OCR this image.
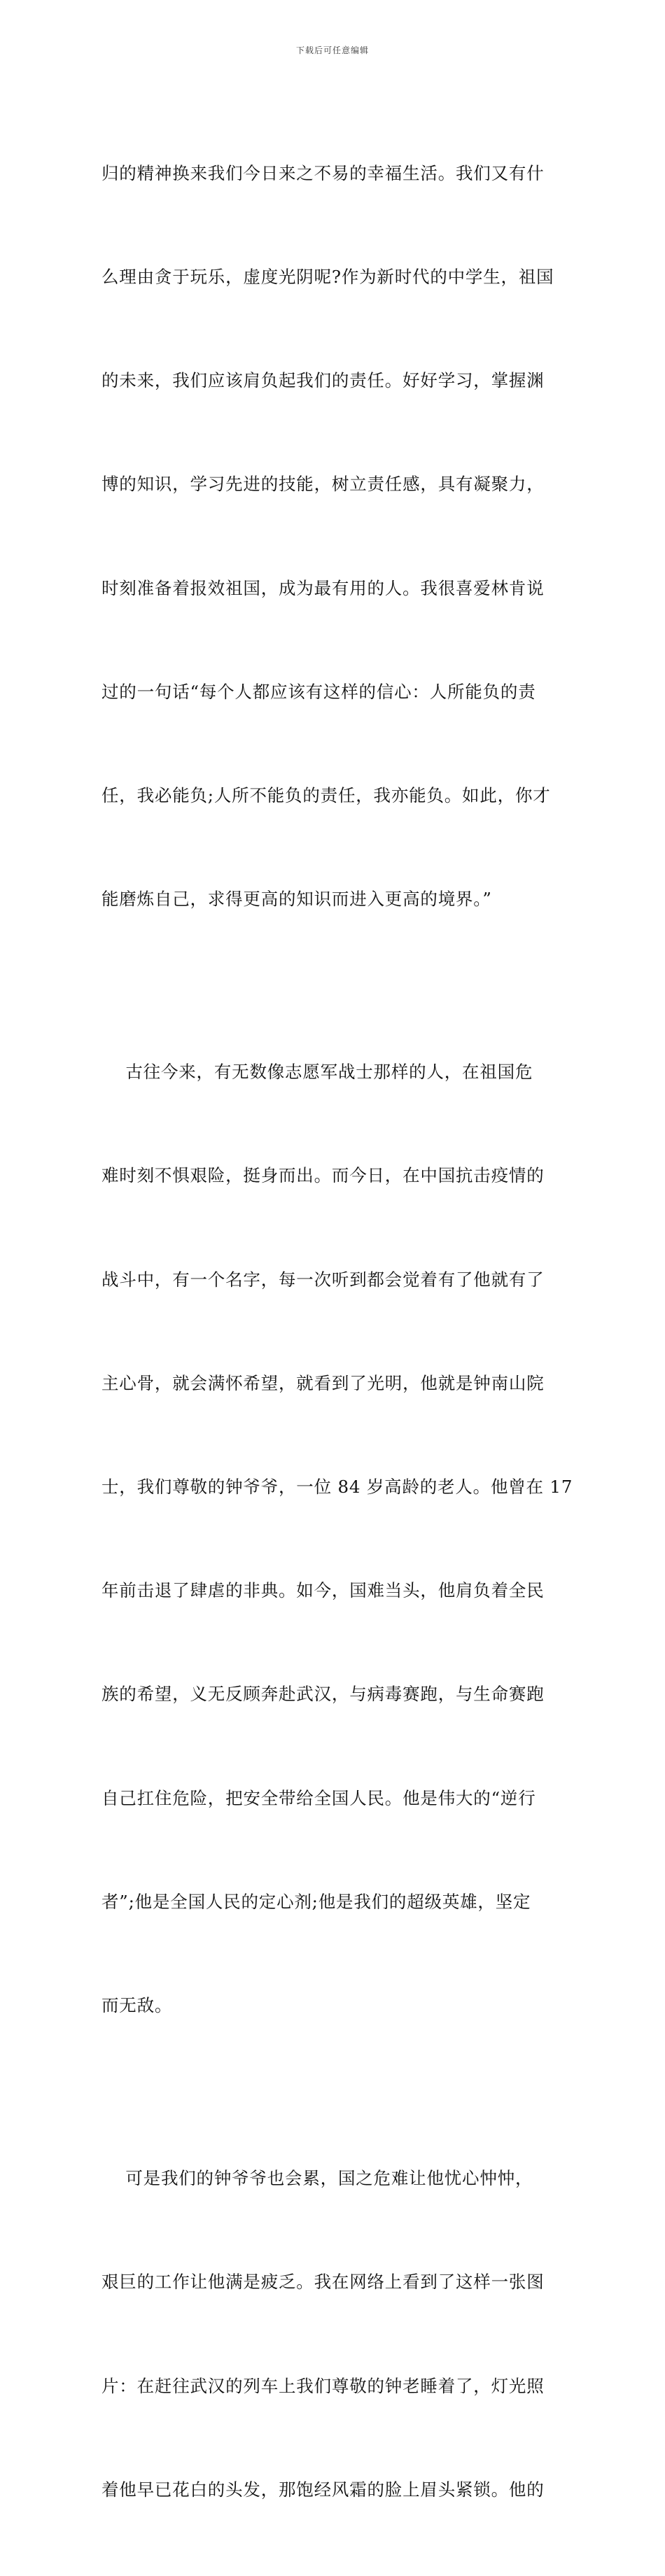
下载后可任意编辑

归的精神换来我们今日来之不易的幸福生活。我们又有什

么理由贪于玩乐，虚度光阴呢?作为新时代的中学生，祖国

的未来，我们应该肩负起我们的责任。好好学习，掌握渊

博的知识，学习先进的技能，树立责任感，具有凝聚力，

时刻准备着报效祖国，成为最有用的人。我很喜爱林肯说

过的一句话“每个人都应该有这样的信心：人所能负的责

任，我必能负;人所不能负的责任，我亦能负。如此，你才

能磨炼自己，求得更高的知识而进入更高的境界。”

古往今来，有无数像志愿军战士那样的人，在祖国危

难时刻不惧艰险，挺身而出。而今日，在中国抗击疫情的

战斗中，有一个名字，每一次听到都会觉着有了他就有了

主心骨，就会满怀希望，就看到了光明，他就是钟南山院

士，我们尊敬的钟爷爷，一位 84 岁高龄的老人。他曾在 17

年前击退了肆虐的非典。如今，国难当头，他肩负着全民

族的希望，义无反顾奔赴武汉，与病毒赛跑，与生命赛跑

自己扛住危险，把安全带给全国人民。他是伟大的“逆行

者”;他是全国人民的定心剂;他是我们的超级英雄，坚定

而无敌。

可是我们的钟爷爷也会累，国之危难让他忧心忡忡，

艰巨的工作让他满是疲乏。我在网络上看到了这样一张图

片：在赶往武汉的列车上我们尊敬的钟老睡着了，灯光照

着他早已花白的头发，那饱经风霜的脸上眉头紧锁。他的
